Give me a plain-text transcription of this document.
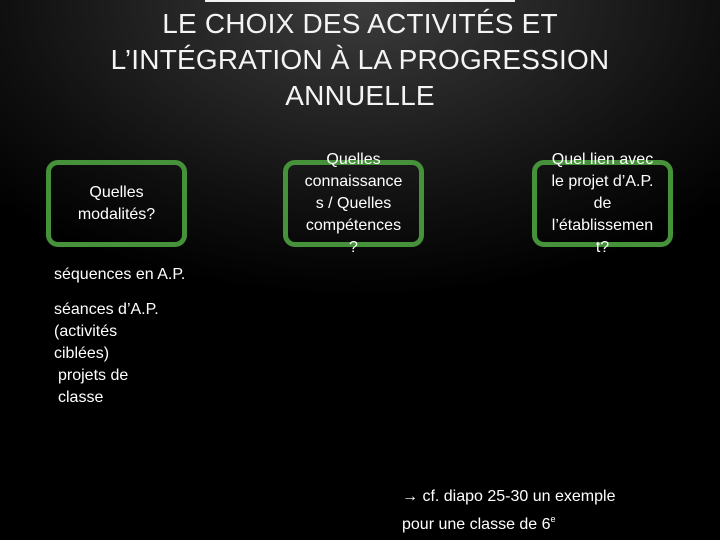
LE CHOIX DES ACTIVITÉS ET
L’INTÉGRATION À LA PROGRESSION
ANNUELLE
Quelles
modalités?
Quelles
connaissance
s / Quelles
compétences
?
Quel lien avec
le projet d’A.P.
de
l’établissemen
t?
séquences en A.P.
séances d’A.P.
(activités
ciblées)
projets de
classe
→ cf. diapo 25-30 un exemple
pour une classe de 6e
